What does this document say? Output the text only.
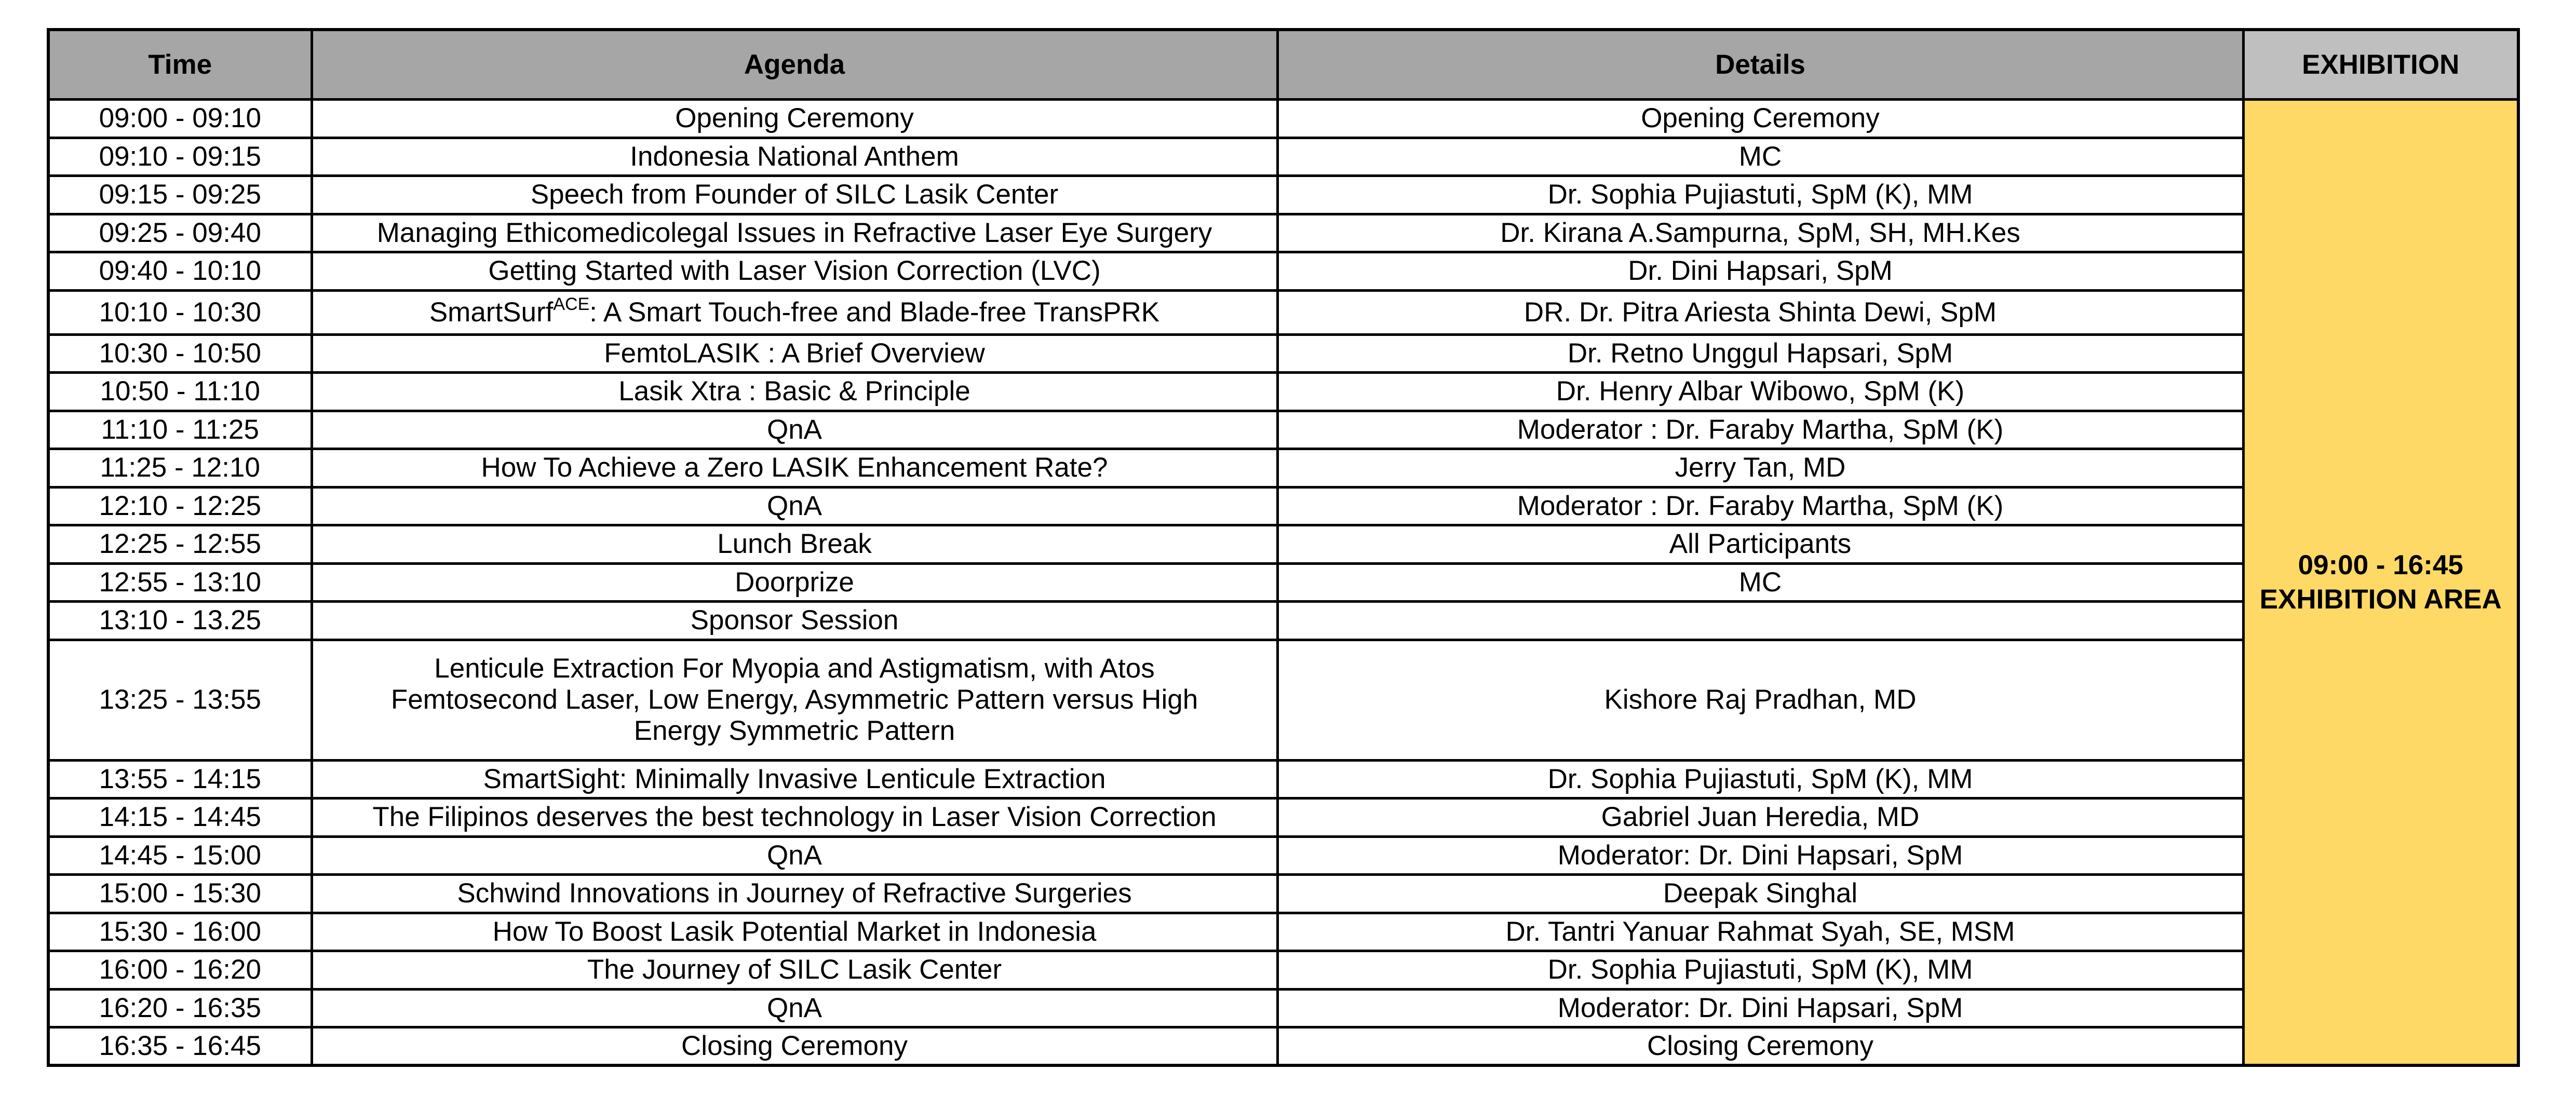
Time	Agenda	Details	EXHIBITION
09:00 - 09:10	Opening Ceremony	Opening Ceremony	09:00 - 16:45
EXHIBITION AREA

09:10 - 09:15	Indonesia National Anthem	MC	
09:15 - 09:25	Speech from Founder of SILC Lasik Center	Dr. Sophia Pujiastuti, SpM (K), MM	
09:25 - 09:40	Managing Ethicomedicolegal Issues in Refractive Laser Eye Surgery	Dr. Kirana A.Sampurna, SpM, SH, MH.Kes	
09:40 - 10:10	Getting Started with Laser Vision Correction (LVC)	Dr. Dini Hapsari, SpM	
10:10 - 10:30	SmartSurf$^{ACE}$: A Smart Touch-free and Blade-free TransPRK	DR. Dr. Pitra Ariesta Shinta Dewi, SpM	
10:30 - 10:50	FemtoLASIK : A Brief Overview	Dr. Retno Unggul Hapsari, SpM	
10:50 - 11:10	Lasik Xtra : Basic & Principle	Dr. Henry Albar Wibowo, SpM (K)	
11:10 - 11:25	QnA	Moderator : Dr. Faraby Martha, SpM (K)	
11:25 - 12:10	How To Achieve a Zero LASIK Enhancement Rate?	Jerry Tan, MD	
12:10 - 12:25	QnA	Moderator : Dr. Faraby Martha, SpM (K)	
12:25 - 12:55	Lunch Break	All Participants	
12:55 - 13:10	Doorprize	MC	
13:10 - 13.25	Sponsor Session		
13:25 - 13:55	Lenticule Extraction For Myopia and Astigmatism, with Atos
Femtosecond Laser, Low Energy, Asymmetric Pattern versus High
Energy Symmetric Pattern	Kishore Raj Pradhan, MD	
13:55 - 14:15	SmartSight: Minimally Invasive Lenticule Extraction	Dr. Sophia Pujiastuti, SpM (K), MM	
14:15 - 14:45	The Filipinos deserves the best technology in Laser Vision Correction	Gabriel Juan Heredia, MD	
14:45 - 15:00	QnA	Moderator: Dr. Dini Hapsari, SpM	
15:00 - 15:30	Schwind Innovations in Journey of Refractive Surgeries	Deepak Singhal	
15:30 - 16:00	How To Boost Lasik Potential Market in Indonesia	Dr. Tantri Yanuar Rahmat Syah, SE, MSM	
16:00 - 16:20	The Journey of SILC Lasik Center	Dr. Sophia Pujiastuti, SpM (K), MM	
16:20 - 16:35	QnA	Moderator: Dr. Dini Hapsari, SpM	
16:35 - 16:45	Closing Ceremony	Closing Ceremony	
